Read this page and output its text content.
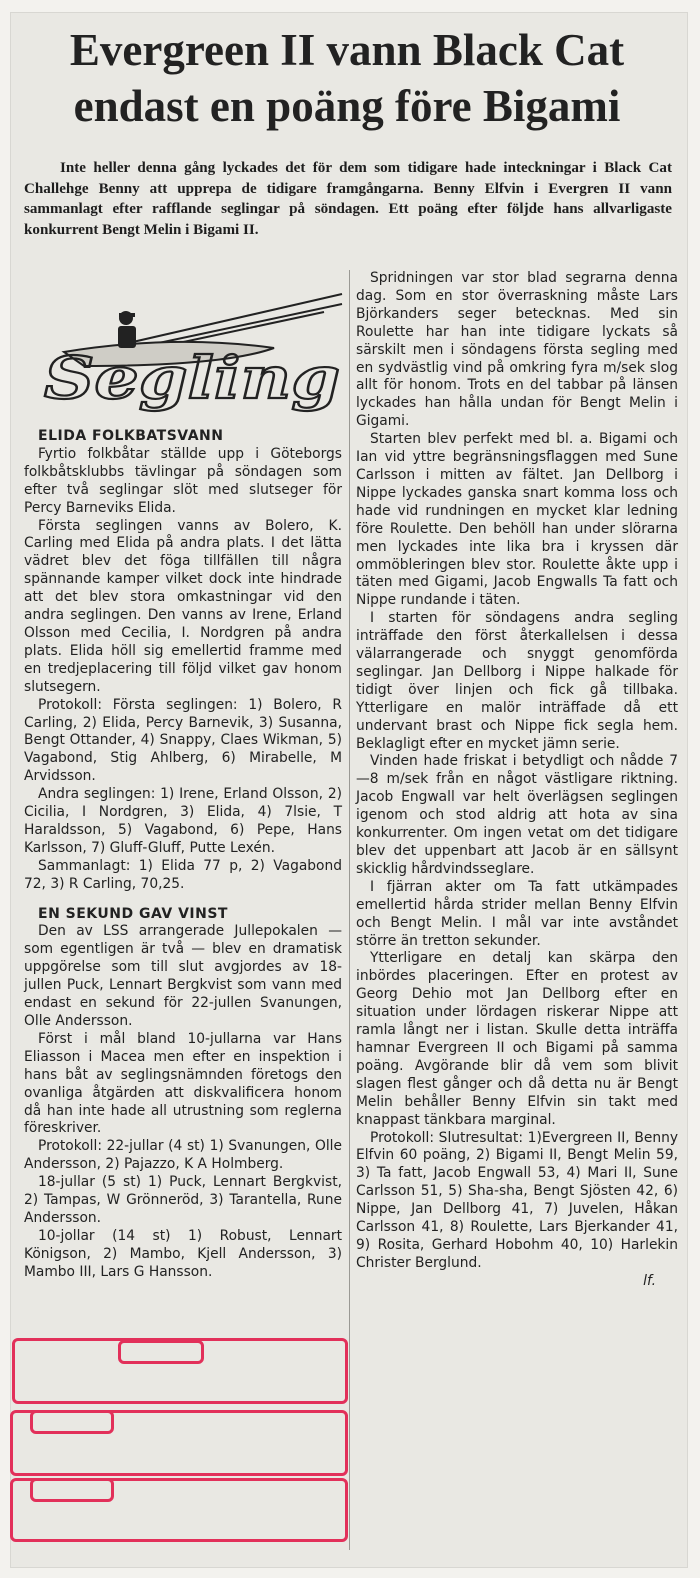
Evergreen II vann Black Cat
endast en poäng före Bigami

Inte heller denna gång lyckades det för dem som tidigare hade inteckningar i Black Cat Challehge Benny att upprepa de tidigare framgångarna. Benny Elfvin i Evergren II vann sammanlagt efter rafflande seglingar på söndagen. Ett poäng efter följde hans allvarligaste konkurrent Bengt Melin i Bigami II.

Segling

ELIDA FOLKBATSVANN

Fyrtio folkbåtar ställde upp i Göteborgs folkbåtsklubbs tävlingar på söndagen som efter två seglingar slöt med slutseger för Percy Barneviks Elida.

Första seglingen vanns av Bolero, K. Carling med Elida på andra plats. I det lätta vädret blev det föga tillfällen till några spännande kamper vilket dock inte hindrade att det blev stora omkastningar vid den andra seglingen. Den vanns av Irene, Erland Olsson med Cecilia, I. Nordgren på andra plats. Elida höll sig emellertid framme med en tredjeplacering till följd vilket gav honom slutsegern.

Protokoll: Första seglingen: 1) Bolero, R Carling, 2) Elida, Percy Barnevik, 3) Susanna, Bengt Ottander, 4) Snappy, Claes Wikman, 5) Vagabond, Stig Ahlberg, 6) Mirabelle, M Arvidsson.

Andra seglingen: 1) Irene, Erland Olsson, 2) Cicilia, I Nordgren, 3) Elida, 4) 7lsie, T Haraldsson, 5) Vagabond, 6) Pepe, Hans Karlsson, 7) Gluff-Gluff, Putte Lexén.

Sammanlagt: 1) Elida 77 p, 2) Vagabond 72, 3) R Carling, 70,25.

EN SEKUND GAV VINST

Den av LSS arrangerade Jullepokalen — som egentligen är två — blev en dramatisk uppgörelse som till slut avgjordes av 18-jullen Puck, Lennart Bergkvist som vann med endast en sekund för 22-jullen Svanungen, Olle Andersson.

Först i mål bland 10-jullarna var Hans Eliasson i Macea men efter en inspektion i hans båt av seglingsnämnden företogs den ovanliga åtgärden att diskvalificera honom då han inte hade all utrustning som reglerna föreskriver.

Protokoll: 22-jullar (4 st) 1) Svanungen, Olle Andersson, 2) Pajazzo, K A Holmberg.

18-jullar (5 st) 1) Puck, Lennart Bergkvist, 2) Tampas, W Grönneröd, 3) Tarantella, Rune Andersson.

10-jollar (14 st) 1) Robust, Lennart Königson, 2) Mambo, Kjell Andersson, 3) Mambo III, Lars G Hansson.

Spridningen var stor blad segrarna denna dag. Som en stor överraskning måste Lars Björkanders seger betecknas. Med sin Roulette har han inte tidigare lyckats så särskilt men i söndagens första segling med en sydvästlig vind på omkring fyra m/sek slog allt för honom. Trots en del tabbar på länsen lyckades han hålla undan för Bengt Melin i Gigami.

Starten blev perfekt med bl. a. Bigami och Ian vid yttre begränsningsflaggen med Sune Carlsson i mitten av fältet. Jan Dellborg i Nippe lyckades ganska snart komma loss och hade vid rundningen en mycket klar ledning före Roulette. Den behöll han under slörarna men lyckades inte lika bra i kryssen där ommöbleringen blev stor. Roulette åkte upp i täten med Gigami, Jacob Engwalls Ta fatt och Nippe rundande i täten.

I starten för söndagens andra segling inträffade den först återkallelsen i dessa välarrangerade och snyggt genomförda seglingar. Jan Dellborg i Nippe halkade för tidigt över linjen och fick gå tillbaka. Ytterligare en malör inträffade då ett undervant brast och Nippe fick segla hem. Beklagligt efter en mycket jämn serie.

Vinden hade friskat i betydligt och nådde 7—8 m/sek från en något västligare riktning. Jacob Engwall var helt överlägsen seglingen igenom och stod aldrig att hota av sina konkurrenter. Om ingen vetat om det tidigare blev det uppenbart att Jacob är en sällsynt skicklig hårdvindsseglare.

I fjärran akter om Ta fatt utkämpades emellertid hårda strider mellan Benny Elfvin och Bengt Melin. I mål var inte avståndet större än tretton sekunder.

Ytterligare en detalj kan skärpa den inbördes placeringen. Efter en protest av Georg Dehio mot Jan Dellborg efter en situation under lördagen riskerar Nippe att ramla långt ner i listan. Skulle detta inträffa hamnar Evergreen II och Bigami på samma poäng. Avgörande blir då vem som blivit slagen flest gånger och då detta nu är Bengt Melin behåller Benny Elfvin sin takt med knappast tänkbara marginal.

Protokoll: Slutresultat: 1)Evergreen II, Benny Elfvin 60 poäng, 2) Bigami II, Bengt Melin 59, 3) Ta fatt, Jacob Engwall 53, 4) Mari II, Sune Carlsson 51, 5) Sha-sha, Bengt Sjösten 42, 6) Nippe, Jan Dellborg 41, 7) Juvelen, Håkan Carlsson 41, 8) Roulette, Lars Bjerkander 41, 9) Rosita, Gerhard Hobohm 40, 10) Harlekin Christer Berglund.

lf.
